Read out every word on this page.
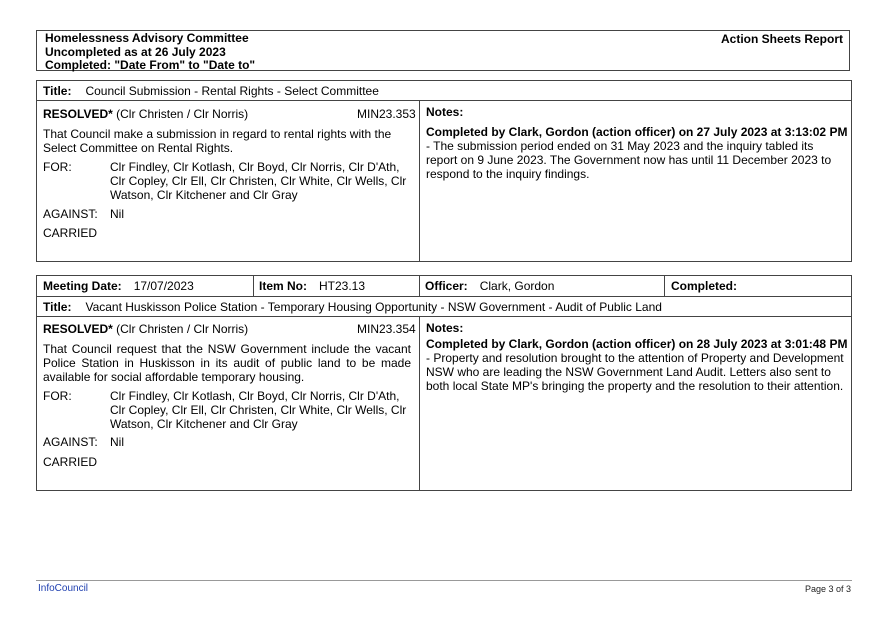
Homelessness Advisory Committee
Uncompleted as at 26 July 2023
Completed: "Date From" to "Date to"
Action Sheets Report
Title: Council Submission - Rental Rights - Select Committee
RESOLVED* (Clr Christen / Clr Norris)	MIN23.353
That Council make a submission in regard to rental rights with the Select Committee on Rental Rights.
FOR:	Clr Findley, Clr Kotlash, Clr Boyd, Clr Norris, Clr D'Ath, Clr Copley, Clr Ell, Clr Christen, Clr White, Clr Wells, Clr Watson, Clr Kitchener and Clr Gray
AGAINST: Nil
CARRIED
Notes:
Completed by Clark, Gordon (action officer) on 27 July 2023 at 3:13:02 PM - The submission period ended on 31 May 2023 and the inquiry tabled its report on 9 June 2023. The Government now has until 11 December 2023 to respond to the inquiry findings.
Meeting Date: 17/07/2023	Item No: HT23.13	Officer: Clark, Gordon	Completed:
Title: Vacant Huskisson Police Station - Temporary Housing Opportunity - NSW Government - Audit of Public Land
RESOLVED* (Clr Christen / Clr Norris)	MIN23.354
That Council request that the NSW Government include the vacant Police Station in Huskisson in its audit of public land to be made available for social affordable temporary housing.
FOR:	Clr Findley, Clr Kotlash, Clr Boyd, Clr Norris, Clr D'Ath, Clr Copley, Clr Ell, Clr Christen, Clr White, Clr Wells, Clr Watson, Clr Kitchener and Clr Gray
AGAINST: Nil
CARRIED
Notes:
Completed by Clark, Gordon (action officer) on 28 July 2023 at 3:01:48 PM - Property and resolution brought to the attention of Property and Development NSW who are leading the NSW Government Land Audit. Letters also sent to both local State MP's bringing the property and the resolution to their attention.
InfoCouncil	Page 3 of 3
